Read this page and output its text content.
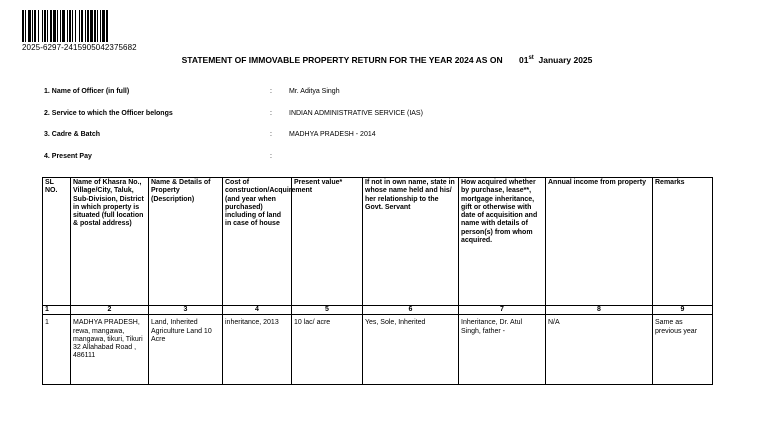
2025-6297-2415905042375682
STATEMENT OF IMMOVABLE PROPERTY RETURN FOR THE YEAR 2024 AS ON 01st January 2025
1. Name of Officer (in full)	: Mr. Aditya Singh
2. Service to which the Officer belongs	: INDIAN ADMINISTRATIVE SERVICE (IAS)
3. Cadre & Batch	: MADHYA PRADESH - 2014
4. Present Pay	:
SL NO.	Name of Khasra No., Village/City, Taluk, Sub-Division, District in which property is situated (full location & postal address)	Name & Details of Property (Description)	Cost of construction/Acquirement (and year when purchased) including of land in case of house	Present value*	If not in own name, state in whose name held and his/ her relationship to the Govt. Servant	How acquired whether by purchase, lease**, mortgage inheritance, gift or otherwise with date of acquisition and name with details of person(s) from whom acquired.	Annual income from property	Remarks
1	2	3	4	5	6	7	8	9
1	MADHYA PRADESH, rewa, mangawa, mangawa, tikuri, Tikuri 32 Allahabad Road , 486111	Land, Inherited Agriculture Land 10 Acre	inheritance, 2013	10 lac/ acre	Yes, Sole, Inherited	Inheritance, Dr. Atul Singh, father -	N/A	Same as previous year
